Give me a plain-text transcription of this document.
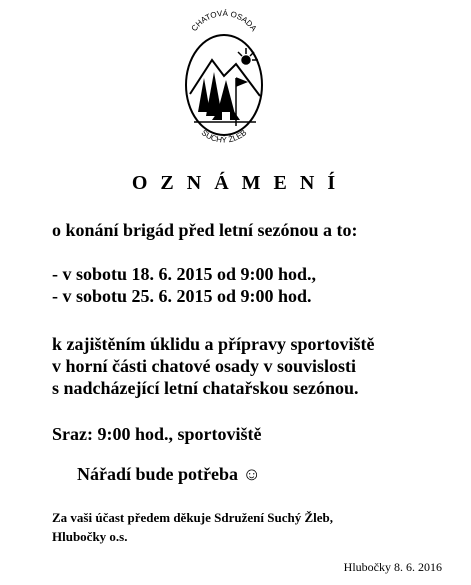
CHATOVÁ OSADA
SUCHÝ ŽLEB
O Z N Á M E N Í
o konání brigád před letní sezónou a to:
- v sobotu 18. 6. 2015 od 9:00 hod.,
- v sobotu 25. 6. 2015 od 9:00 hod.
k zajištěním úklidu a přípravy sportoviště
v horní části chatové osady v souvislosti
s nadcházející letní chatařskou sezónou.
Sraz: 9:00 hod., sportoviště
Nářadí bude potřeba ☺
Za vaši účast předem děkuje Sdružení Suchý Žleb,
Hlubočky o.s.
Hlubočky 8. 6. 2016
